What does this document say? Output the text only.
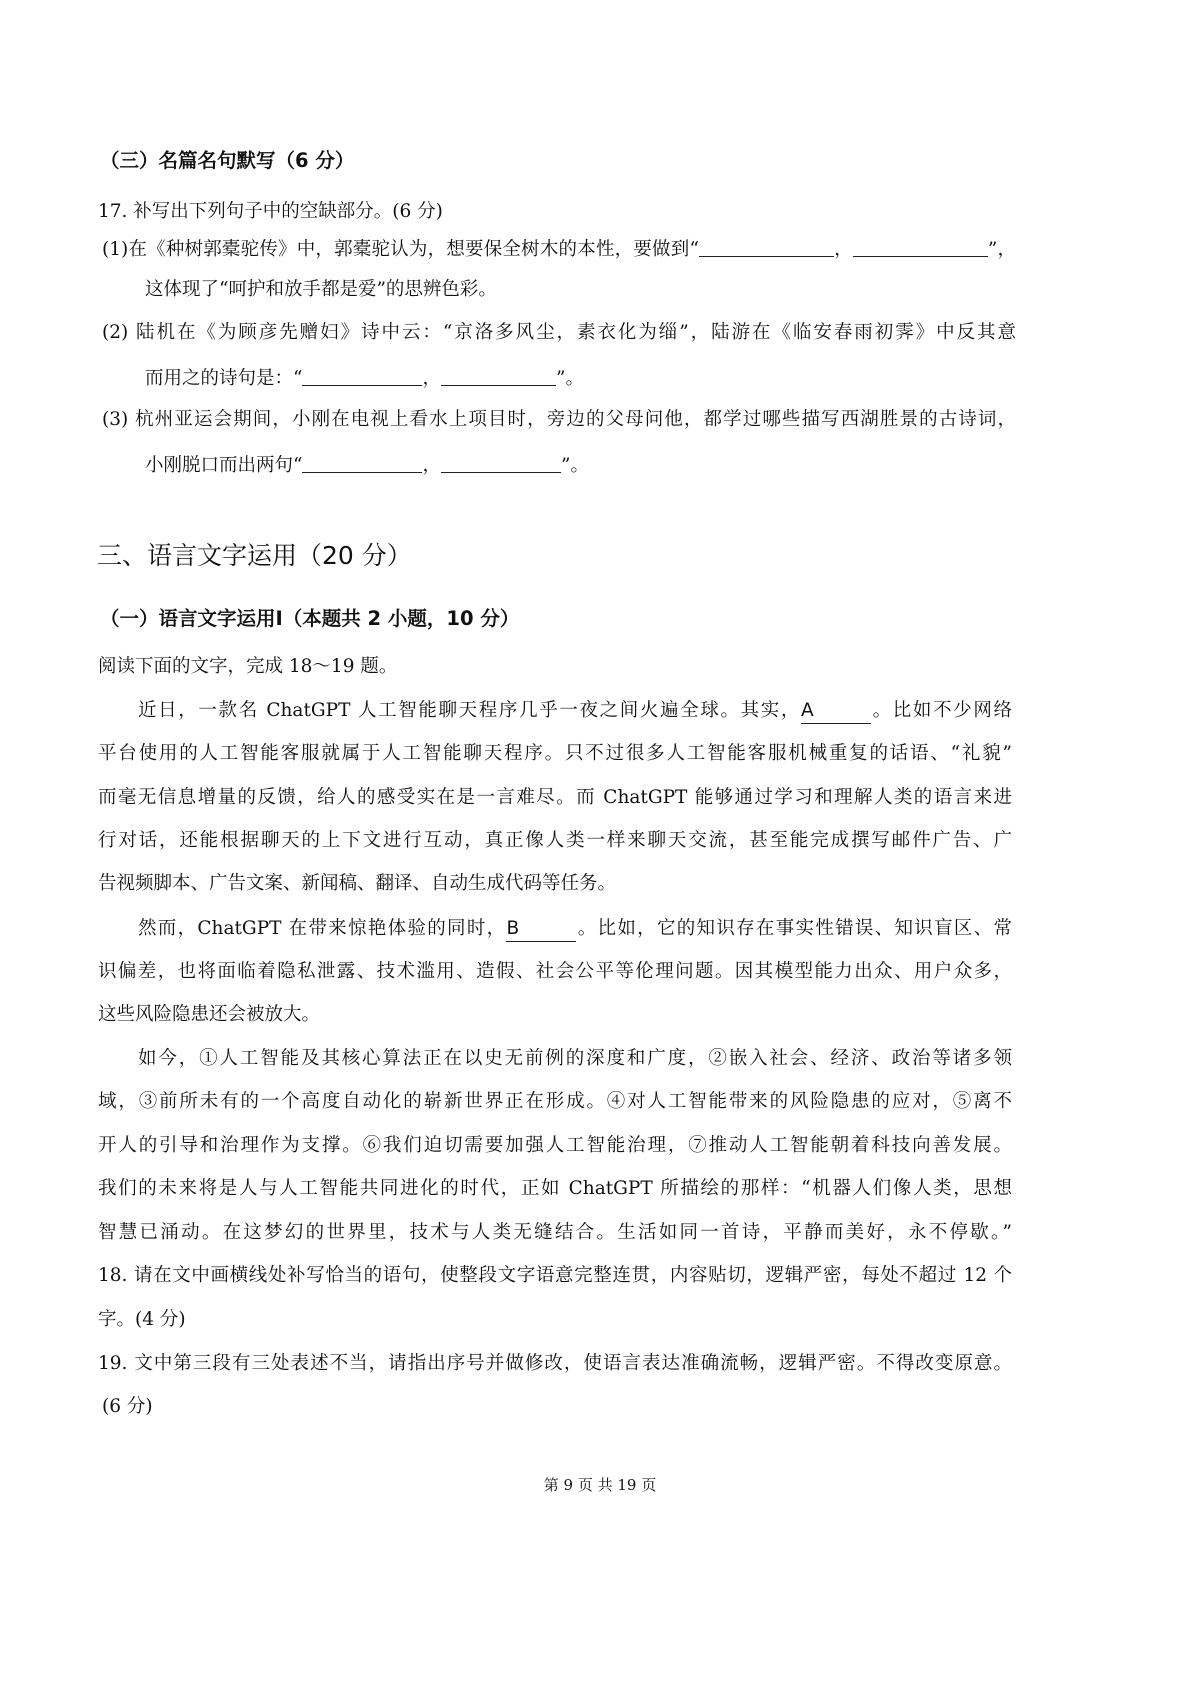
（三）名篇名句默写（6 分）
17. 补写出下列句子中的空缺部分。(6 分)
(1)在《种树郭橐驼传》中，郭橐驼认为，想要保全树木的本性，要做到“	，	”，
这体现了“呵护和放手都是爱”的思辨色彩。
(2) 陆机在《为顾彦先赠妇》诗中云：“京洛多风尘，素衣化为缁”，陆游在《临安春雨初霁》中反其意
而用之的诗句是：“	，	”。
(3) 杭州亚运会期间，小刚在电视上看水上项目时，旁边的父母问他，都学过哪些描写西湖胜景的古诗词，
小刚脱口而出两句“	，	”。
三、语言文字运用（20 分）
（一）语言文字运用Ⅰ（本题共 2 小题，10 分）
阅读下面的文字，完成 18～19 题。
近日，一款名 ChatGPT 人工智能聊天程序几乎一夜之间火遍全球。其实，A	。比如不少网络
平台使用的人工智能客服就属于人工智能聊天程序。只不过很多人工智能客服机械重复的话语、“礼貌”
而毫无信息增量的反馈，给人的感受实在是一言难尽。而 ChatGPT 能够通过学习和理解人类的语言来进
行对话，还能根据聊天的上下文进行互动，真正像人类一样来聊天交流，甚至能完成撰写邮件广告、广
告视频脚本、广告文案、新闻稿、翻译、自动生成代码等任务。
然而，ChatGPT 在带来惊艳体验的同时，B	。比如，它的知识存在事实性错误、知识盲区、常
识偏差，也将面临着隐私泄露、技术滥用、造假、社会公平等伦理问题。因其模型能力出众、用户众多，
这些风险隐患还会被放大。
如今，①人工智能及其核心算法正在以史无前例的深度和广度，②嵌入社会、经济、政治等诸多领
域，③前所未有的一个高度自动化的崭新世界正在形成。④对人工智能带来的风险隐患的应对，⑤离不
开人的引导和治理作为支撑。⑥我们迫切需要加强人工智能治理，⑦推动人工智能朝着科技向善发展。
我们的未来将是人与人工智能共同进化的时代，正如 ChatGPT 所描绘的那样：“机器人们像人类，思想
智慧已涌动。在这梦幻的世界里，技术与人类无缝结合。生活如同一首诗，平静而美好，永不停歇。”
18. 请在文中画横线处补写恰当的语句，使整段文字语意完整连贯，内容贴切，逻辑严密，每处不超过 12 个
字。(4 分)
19. 文中第三段有三处表述不当，请指出序号并做修改，使语言表达准确流畅，逻辑严密。不得改变原意。
(6 分)
第 9 页 共 19 页
